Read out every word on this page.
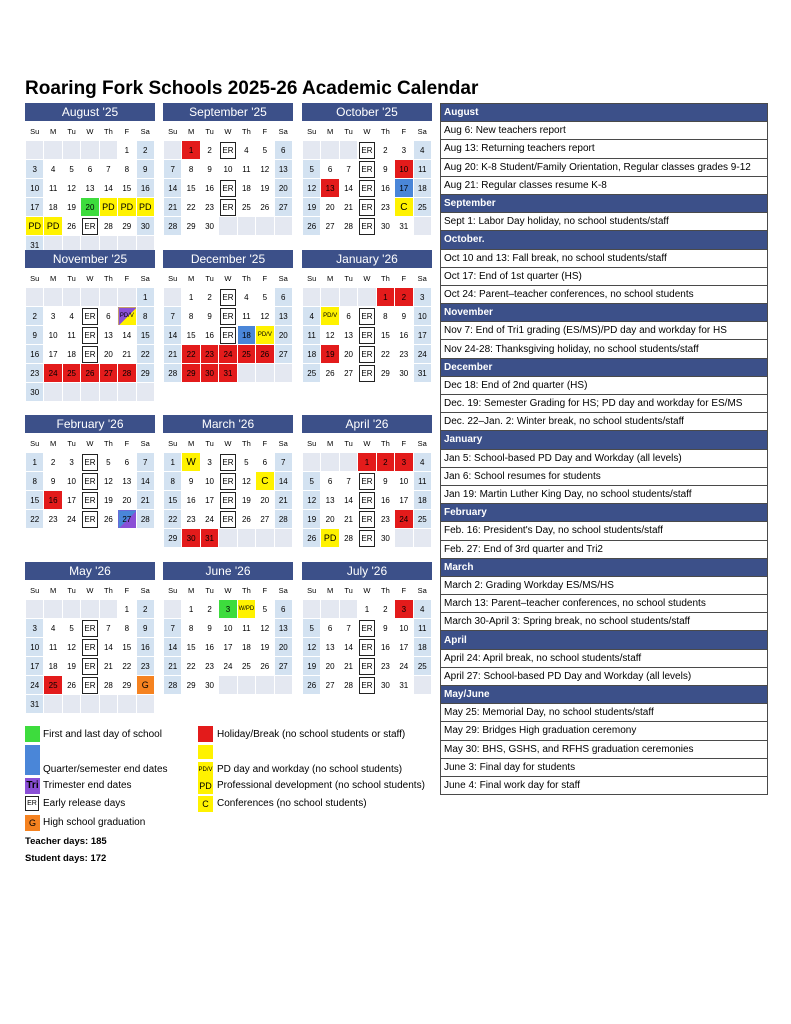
Roaring Fork Schools 2025-26 Academic Calendar
August '25
Su	M	Tu	W	Th	F	Sa
					1	2
3	4	5	6	7	8	9
10	11	12	13	14	15	16
17	18	19	20	PD	PD	PD
PD	PD	26	ER	28	29	30
31						
September '25
Su	M	Tu	W	Th	F	Sa
	1	2	ER	4	5	6
7	8	9	10	11	12	13
14	15	16	ER	18	19	20
21	22	23	ER	25	26	27
28	29	30				
October '25
Su	M	Tu	W	Th	F	Sa
			ER	2	3	4
5	6	7	ER	9	10	11
12	13	14	ER	16	17	18
19	20	21	ER	23	C	25
26	27	28	ER	30	31	
November '25
Su	M	Tu	W	Th	F	Sa
						1
2	3	4	ER	6	PD/V	8
9	10	11	ER	13	14	15
16	17	18	ER	20	21	22
23	24	25	26	27	28	29
30						
December '25
Su	M	Tu	W	Th	F	Sa
	1	2	ER	4	5	6
7	8	9	ER	11	12	13
14	15	16	ER	18	PD/V	20
21	22	23	24	25	26	27
28	29	30	31			
January '26
Su	M	Tu	W	Th	F	Sa
				1	2	3
4	PD/V	6	ER	8	9	10
11	12	13	ER	15	16	17
18	19	20	ER	22	23	24
25	26	27	ER	29	30	31
February '26
Su	M	Tu	W	Th	F	Sa
1	2	3	ER	5	6	7
8	9	10	ER	12	13	14
15	16	17	ER	19	20	21
22	23	24	ER	26	27	28
March '26
Su	M	Tu	W	Th	F	Sa
1	W	3	ER	5	6	7
8	9	10	ER	12	C	14
15	16	17	ER	19	20	21
22	23	24	ER	26	27	28
29	30	31				
April '26
Su	M	Tu	W	Th	F	Sa
			1	2	3	4
5	6	7	ER	9	10	11
12	13	14	ER	16	17	18
19	20	21	ER	23	24	25
26	PD	28	ER	30		
May '26
Su	M	Tu	W	Th	F	Sa
					1	2
3	4	5	ER	7	8	9
10	11	12	ER	14	15	16
17	18	19	ER	21	22	23
24	25	26	ER	28	29	G
31						
June '26
Su	M	Tu	W	Th	F	Sa
	1	2	3	W/PD	5	6
7	8	9	10	11	12	13
14	15	16	17	18	19	20
21	22	23	24	25	26	27
28	29	30				
July '26
Su	M	Tu	W	Th	F	Sa
			1	2	3	4
5	6	7	ER	9	10	11
12	13	14	ER	16	17	18
19	20	21	ER	23	24	25
26	27	28	ER	30	31	
August
Aug 6: New teachers report
Aug 13: Returning teachers report
Aug 20: K-8 Student/Family Orientation, Regular classes grades 9-12
Aug 21: Regular classes resume K-8
September
Sept 1: Labor Day holiday, no school students/staff
October.
Oct 10 and 13: Fall break, no school students/staff
Oct 17: End of 1st quarter (HS)
Oct 24: Parent–teacher conferences, no school students
November
Nov 7: End of Tri1 grading (ES/MS)/PD day and workday for HS
Nov 24-28: Thanksgiving holiday, no school students/staff
December
Dec 18: End of 2nd quarter (HS)
Dec. 19: Semester Grading for HS; PD day and workday for ES/MS
Dec. 22–Jan. 2: Winter break, no school students/staff
January
Jan 5: School-based PD Day and Workday (all levels)
Jan 6: School resumes for students
Jan 19: Martin Luther King Day, no school students/staff
February
Feb. 16: President's Day, no school students/staff
Feb. 27: End of 3rd quarter and Tri2
March
March 2: Grading Workday ES/MS/HS
March 13: Parent–teacher conferences, no school students
March 30-April 3: Spring break, no school students/staff
April
April 24: April break, no school students/staff
April 27: School-based PD Day and Workday (all levels)
May/June
May 25: Memorial Day, no school students/staff
May 29: Bridges High graduation ceremony
May 30: BHS, GSHS, and RFHS graduation ceremonies
June 3: Final day for students
June 4: Final work day for staff
First and last day of school
Quarter/semester end dates
Tri Trimester end dates
ER Early release days
G High school graduation
Holiday/Break (no school students or staff)
PD/V PD day and workday (no school students)
PD Professional development (no school students)
C Conferences (no school students)
Teacher days: 185
Student days: 172
